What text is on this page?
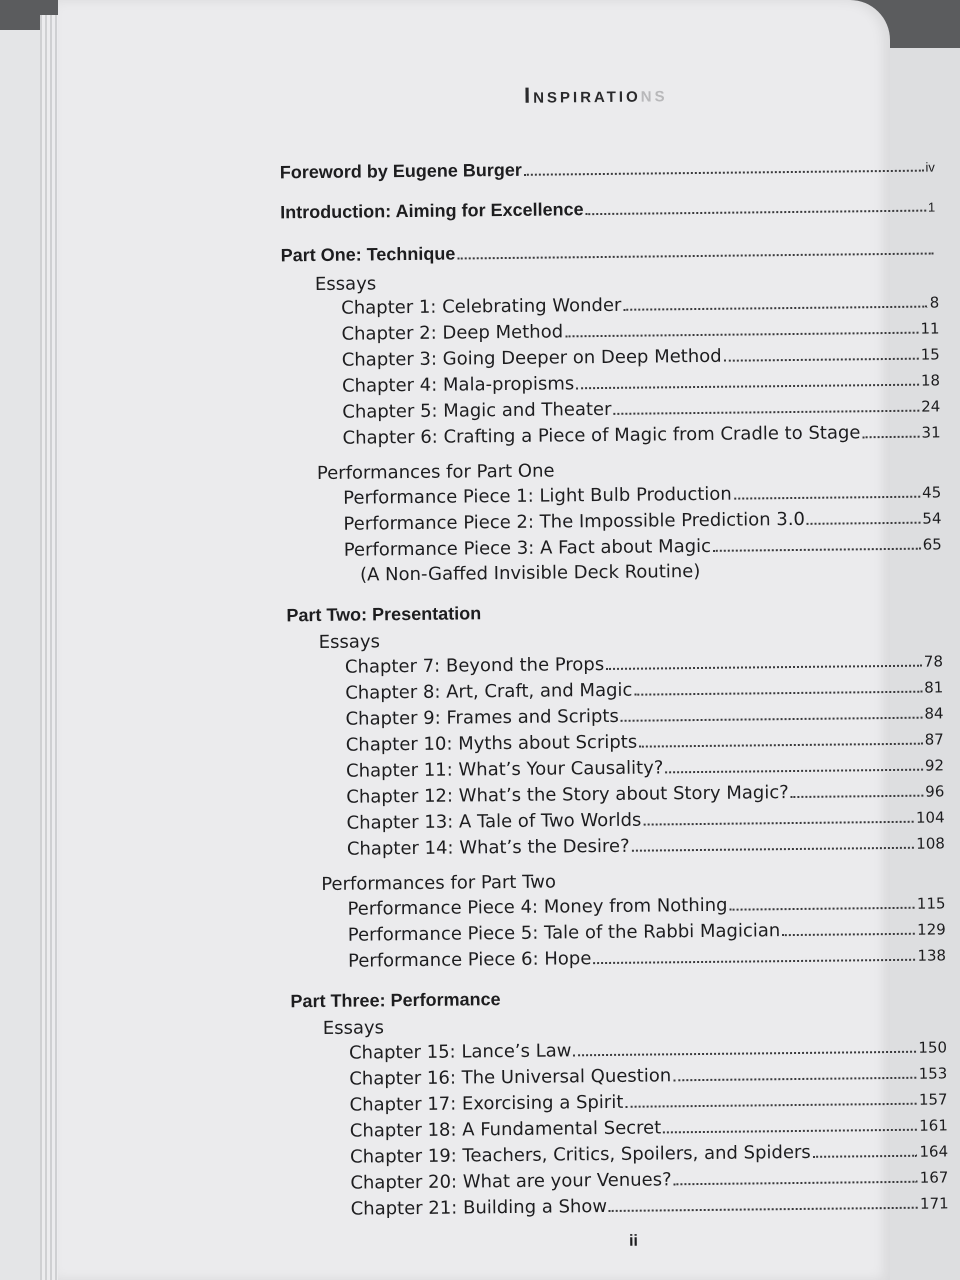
Inspirations
Foreword by Eugene Burger	iv
Introduction: Aiming for Excellence	1
Part One: Technique
Essays
Chapter 1: Celebrating Wonder	8
Chapter 2: Deep Method	11
Chapter 3: Going Deeper on Deep Method	15
Chapter 4: Mala-propisms	18
Chapter 5: Magic and Theater	24
Chapter 6: Crafting a Piece of Magic from Cradle to Stage	31
Performances for Part One
Performance Piece 1: Light Bulb Production	45
Performance Piece 2: The Impossible Prediction 3.0	54
Performance Piece 3: A Fact about Magic	65
(A Non-Gaffed Invisible Deck Routine)
Part Two: Presentation
Essays
Chapter 7: Beyond the Props	78
Chapter 8: Art, Craft, and Magic	81
Chapter 9: Frames and Scripts	84
Chapter 10: Myths about Scripts	87
Chapter 11: What’s Your Causality?	92
Chapter 12: What’s the Story about Story Magic?	96
Chapter 13: A Tale of Two Worlds	104
Chapter 14: What’s the Desire?	108
Performances for Part Two
Performance Piece 4: Money from Nothing	115
Performance Piece 5: Tale of the Rabbi Magician	129
Performance Piece 6: Hope	138
Part Three: Performance
Essays
Chapter 15: Lance’s Law	150
Chapter 16: The Universal Question	153
Chapter 17: Exorcising a Spirit	157
Chapter 18: A Fundamental Secret	161
Chapter 19: Teachers, Critics, Spoilers, and Spiders	164
Chapter 20: What are your Venues?	167
Chapter 21: Building a Show	171
ii
